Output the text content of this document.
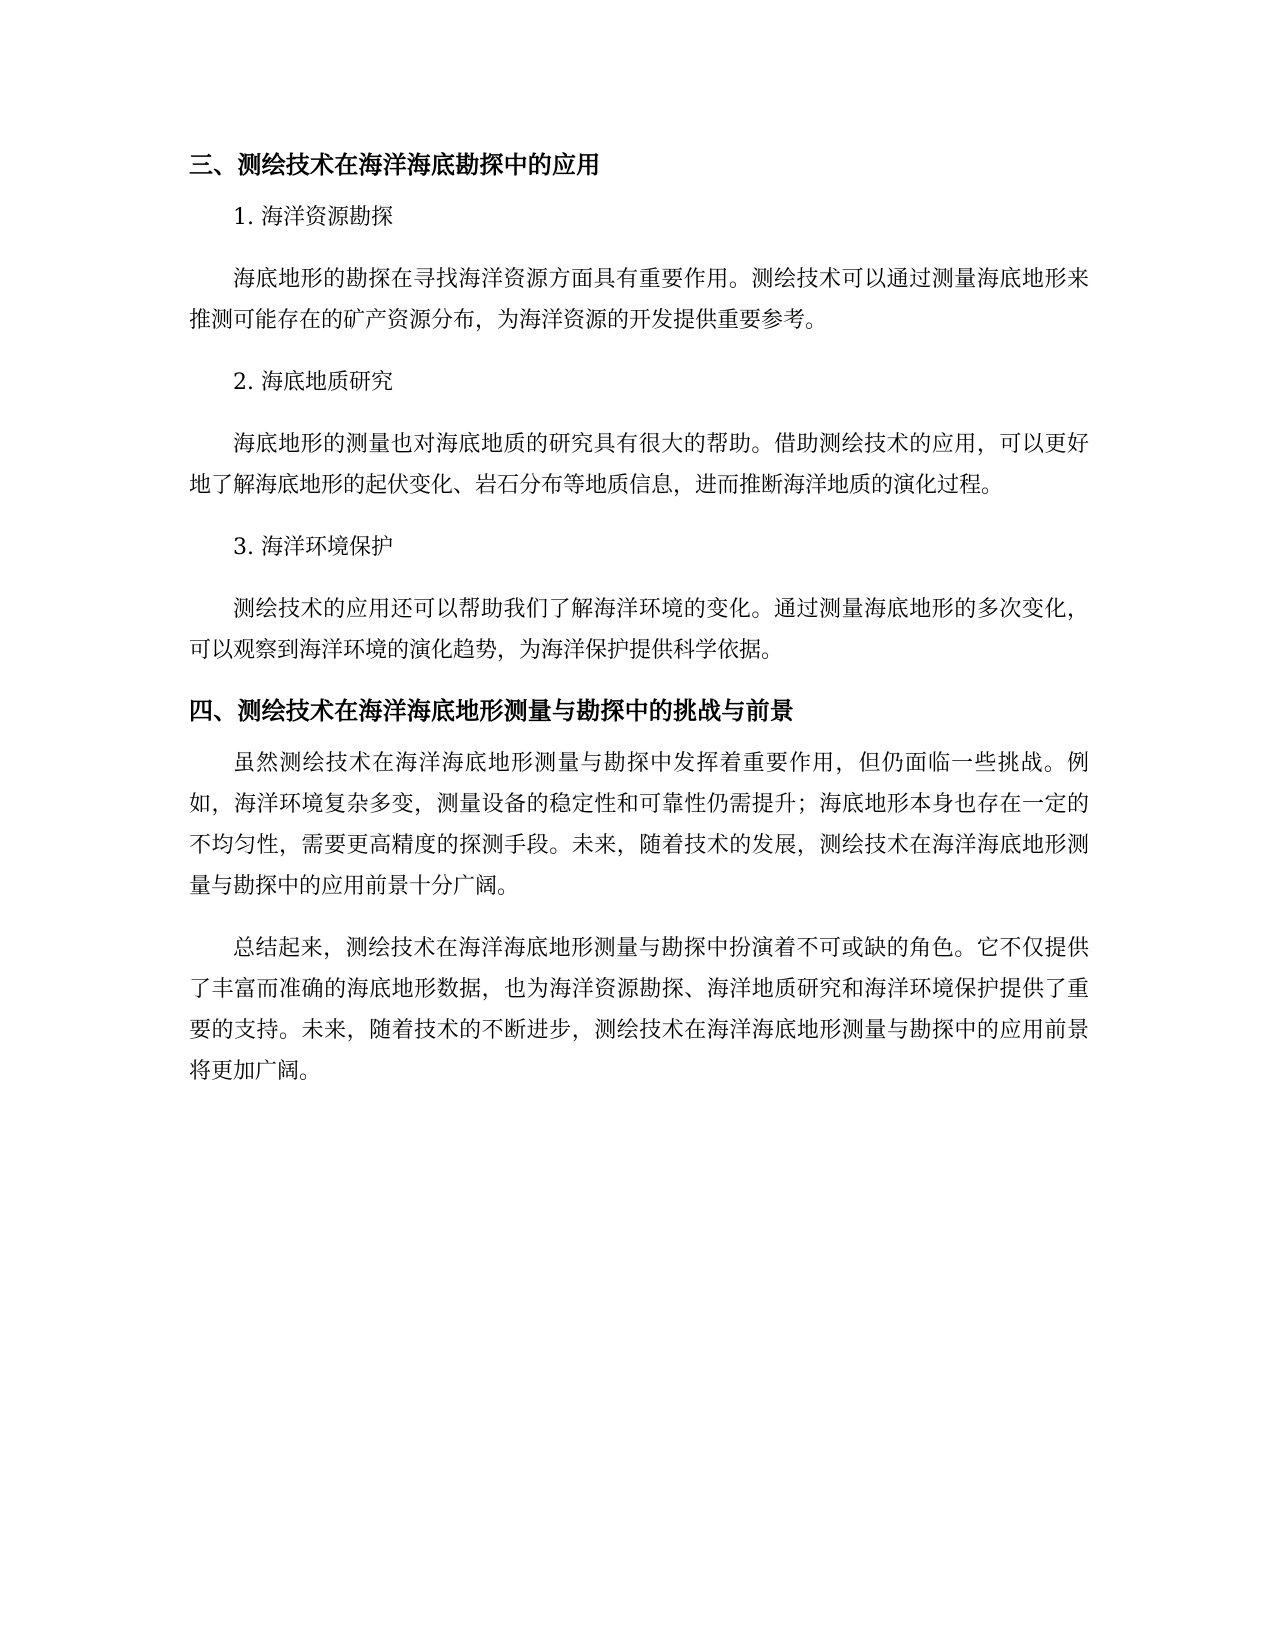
三、测绘技术在海洋海底勘探中的应用

1. 海洋资源勘探

海底地形的勘探在寻找海洋资源方面具有重要作用。测绘技术可以通过测量海底地形来推测可能存在的矿产资源分布，为海洋资源的开发提供重要参考。

2. 海底地质研究

海底地形的测量也对海底地质的研究具有很大的帮助。借助测绘技术的应用，可以更好地了解海底地形的起伏变化、岩石分布等地质信息，进而推断海洋地质的演化过程。

3. 海洋环境保护

测绘技术的应用还可以帮助我们了解海洋环境的变化。通过测量海底地形的多次变化，可以观察到海洋环境的演化趋势，为海洋保护提供科学依据。

四、测绘技术在海洋海底地形测量与勘探中的挑战与前景

虽然测绘技术在海洋海底地形测量与勘探中发挥着重要作用，但仍面临一些挑战。例如，海洋环境复杂多变，测量设备的稳定性和可靠性仍需提升；海底地形本身也存在一定的不均匀性，需要更高精度的探测手段。未来，随着技术的发展，测绘技术在海洋海底地形测量与勘探中的应用前景十分广阔。

总结起来，测绘技术在海洋海底地形测量与勘探中扮演着不可或缺的角色。它不仅提供了丰富而准确的海底地形数据，也为海洋资源勘探、海洋地质研究和海洋环境保护提供了重要的支持。未来，随着技术的不断进步，测绘技术在海洋海底地形测量与勘探中的应用前景将更加广阔。
